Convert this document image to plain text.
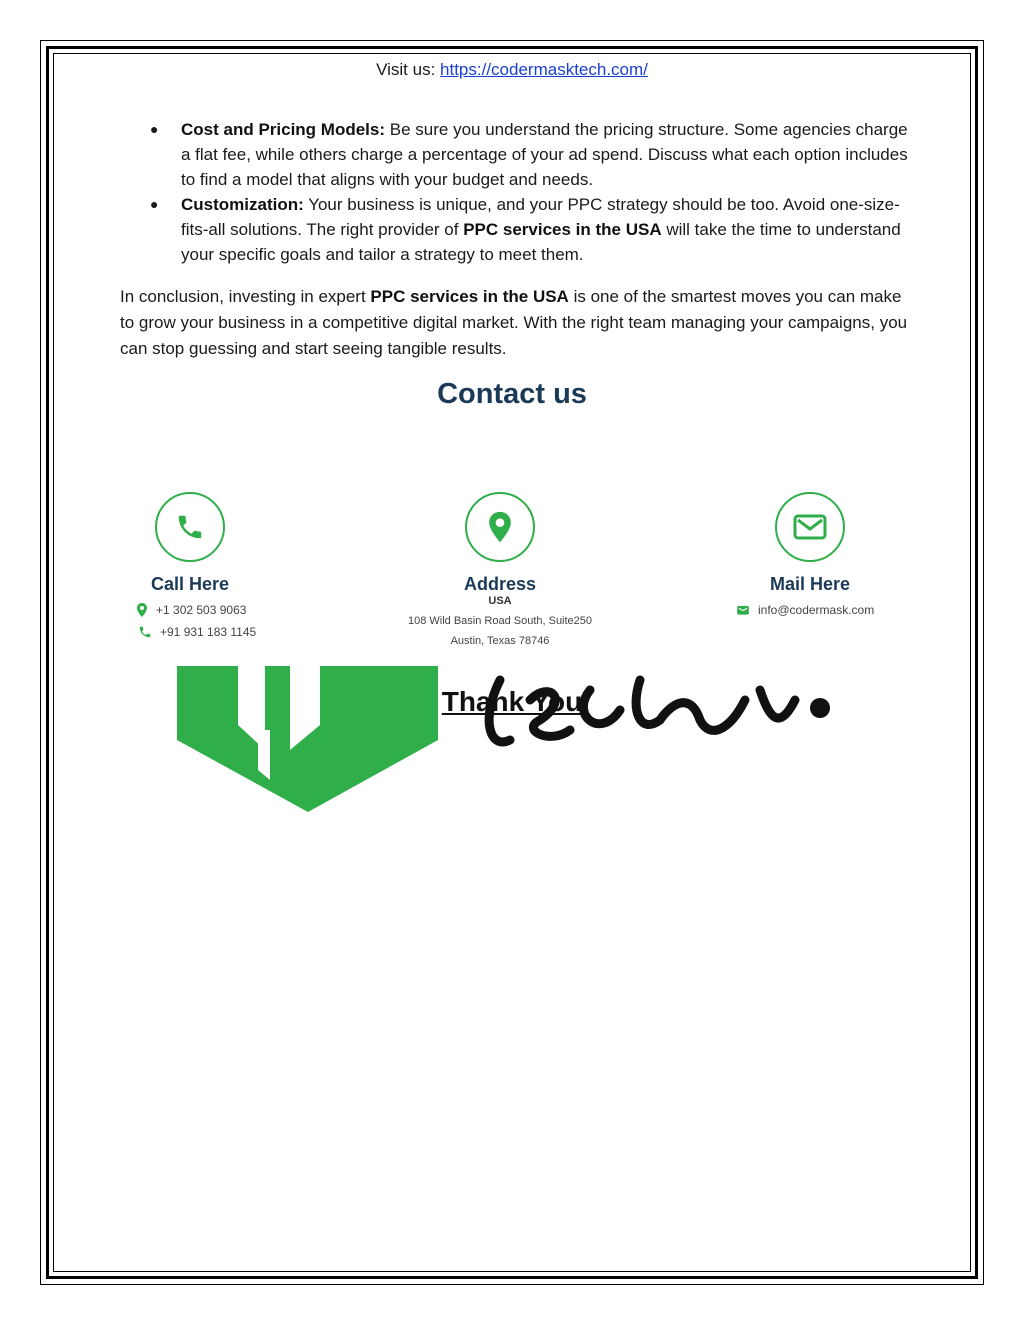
Visit us: https://codermasktech.com/
● Cost and Pricing Models: Be sure you understand the pricing structure. Some agencies charge a flat fee, while others charge a percentage of your ad spend. Discuss what each option includes to find a model that aligns with your budget and needs.
● Customization: Your business is unique, and your PPC strategy should be too. Avoid one-size-fits-all solutions. The right provider of PPC services in the USA will take the time to understand your specific goals and tailor a strategy to meet them.
In conclusion, investing in expert PPC services in the USA is one of the smartest moves you can make to grow your business in a competitive digital market. With the right team managing your campaigns, you can stop guessing and start seeing tangible results.
Contact us
Call Here
+1 302 503 9063
+91 931 183 1145
Address
USA
108 Wild Basin Road South, Suite250
Austin, Texas 78746
Mail Here
info@codermask.com
Thank You
